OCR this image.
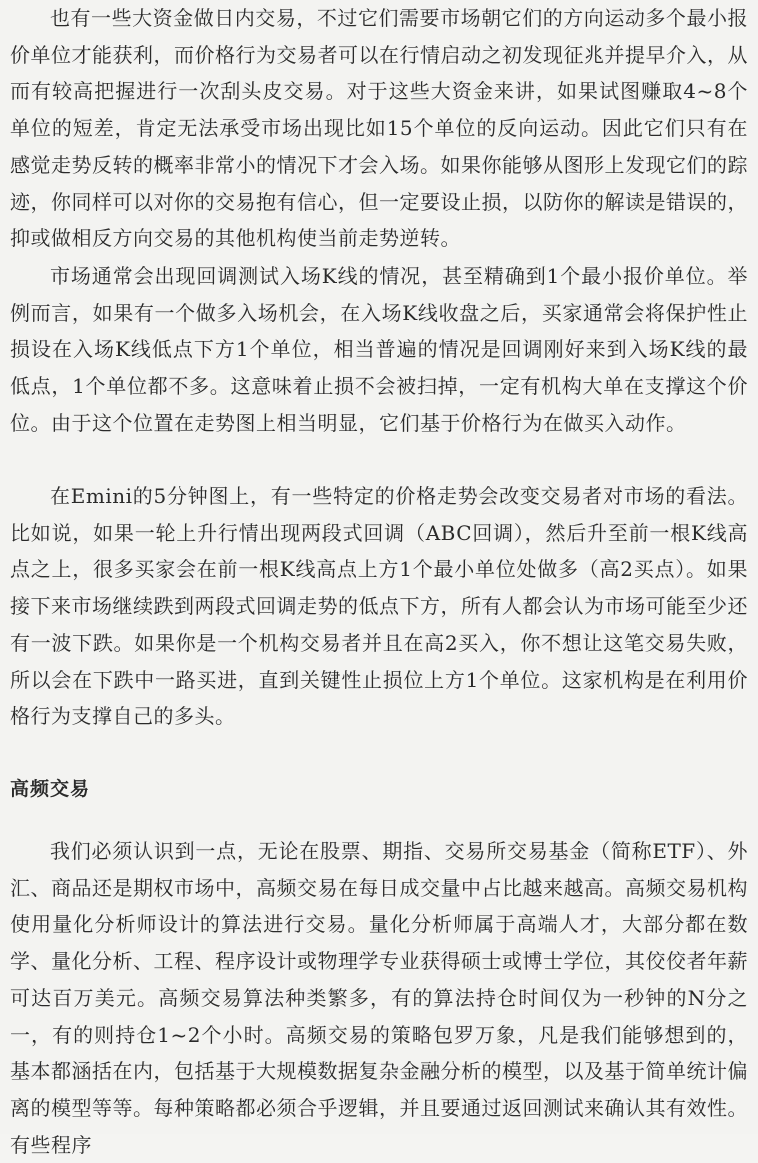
也有一些大资金做日内交易，不过它们需要市场朝它们的方向运动多个最小报价单位才能获利，而价格行为交易者可以在行情启动之初发现征兆并提早介入，从而有较高把握进行一次刮头皮交易。对于这些大资金来讲，如果试图赚取4~8个单位的短差，肯定无法承受市场出现比如15个单位的反向运动。因此它们只有在感觉走势反转的概率非常小的情况下才会入场。如果你能够从图形上发现它们的踪迹，你同样可以对你的交易抱有信心，但一定要设止损，以防你的解读是错误的，抑或做相反方向交易的其他机构使当前走势逆转。

市场通常会出现回调测试入场K线的情况，甚至精确到1个最小报价单位。举例而言，如果有一个做多入场机会，在入场K线收盘之后，买家通常会将保护性止损设在入场K线低点下方1个单位，相当普遍的情况是回调刚好来到入场K线的最低点，1个单位都不多。这意味着止损不会被扫掉，一定有机构大单在支撑这个价位。由于这个位置在走势图上相当明显，它们基于价格行为在做买入动作。

在Emini的5分钟图上，有一些特定的价格走势会改变交易者对市场的看法。比如说，如果一轮上升行情出现两段式回调（ABC回调），然后升至前一根K线高点之上，很多买家会在前一根K线高点上方1个最小单位处做多（高2买点）。如果接下来市场继续跌到两段式回调走势的低点下方，所有人都会认为市场可能至少还有一波下跌。如果你是一个机构交易者并且在高2买入，你不想让这笔交易失败，所以会在下跌中一路买进，直到关键性止损位上方1个单位。这家机构是在利用价格行为支撑自己的多头。

高频交易

我们必须认识到一点，无论在股票、期指、交易所交易基金（简称ETF）、外汇、商品还是期权市场中，高频交易在每日成交量中占比越来越高。高频交易机构使用量化分析师设计的算法进行交易。量化分析师属于高端人才，大部分都在数学、量化分析、工程、程序设计或物理学专业获得硕士或博士学位，其佼佼者年薪可达百万美元。高频交易算法种类繁多，有的算法持仓时间仅为一秒钟的N分之一，有的则持仓1~2个小时。高频交易的策略包罗万象，凡是我们能够想到的，基本都涵括在内，包括基于大规模数据复杂金融分析的模型，以及基于简单统计偏离的模型等等。每种策略都必须合乎逻辑，并且要通过返回测试来确认其有效性。有些程序
